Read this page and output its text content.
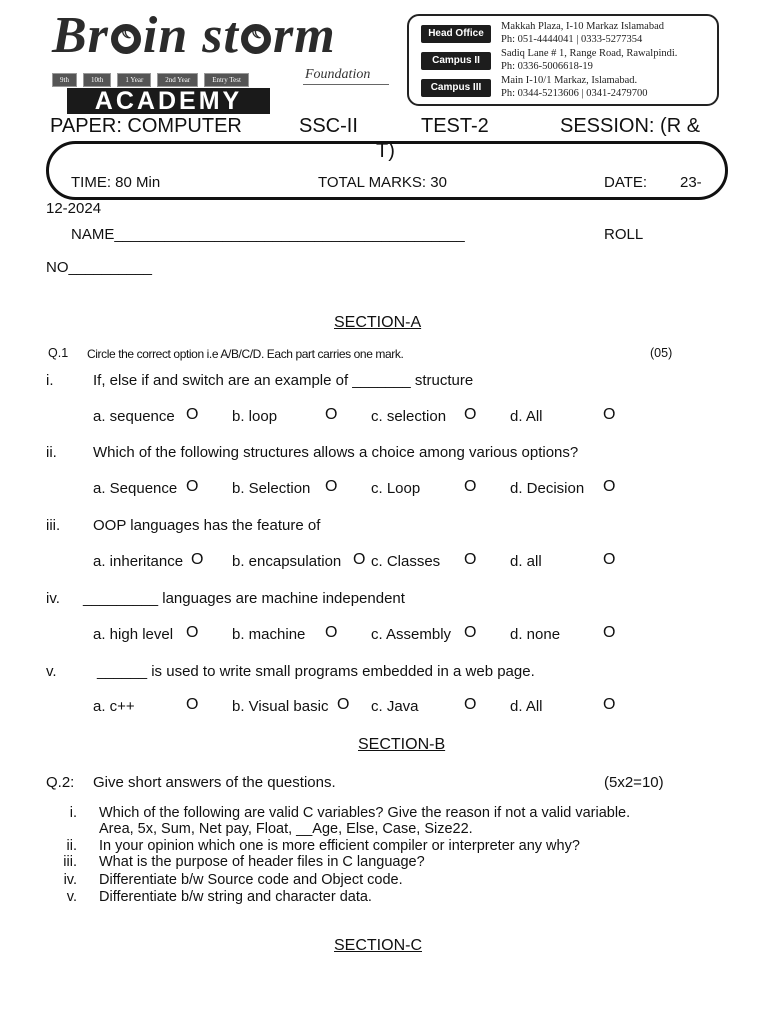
Br ☾ in st ☾ rm
9th	10th	1 Year	2nd Year	Entry Test	Foundation
ACADEMY
Head Office
Makkah Plaza, I-10 Markaz Islamabad
Ph: 051-4444041 | 0333-5277354
Campus II
Sadiq Lane # 1, Range Road, Rawalpindi.
Ph: 0336-5006618-19
Campus III
Main I-10/1 Markaz, Islamabad.
Ph: 0344-5213606 | 0341-2479700
PAPER: COMPUTER	SSC-II	TEST-2	SESSION: (R &
T)
TIME: 80 Min	TOTAL MARKS: 30	DATE: 23-
12-2024
NAME__________________________________________	ROLL
NO__________
SECTION-A
Q.1 Circle the correct option i.e A/B/C/D. Each part carries one mark.	(05)
i.	If, else if and switch are an example of _______ structure
a. sequence O b. loop	O c. selection O d. All	O
ii. Which of the following structures allows a choice among various options?
a. Sequence O b. Selection O c. Loop	O d. Decision O
iii. OOP languages has the feature of
a. inheritance O b. encapsulation O c. Classes O d. all	O
iv. _________ languages are machine independent
a. high level O b. machine O c. Assembly O d. none	O
v.	______ is used to write small programs embedded in a web page.
a. c++	O b. Visual basic O c. Java	O d. All	O
SECTION-B
Q.2: Give short answers of the questions.	(5x2=10)
i. Which of the following are valid C variables? Give the reason if not a valid variable.
Area, 5x, Sum, Net pay, Float, __Age, Else, Case, Size22.
ii. In your opinion which one is more efficient compiler or interpreter any why?
iii. What is the purpose of header files in C language?
iv. Differentiate b/w Source code and Object code.
v. Differentiate b/w string and character data.
SECTION-C
